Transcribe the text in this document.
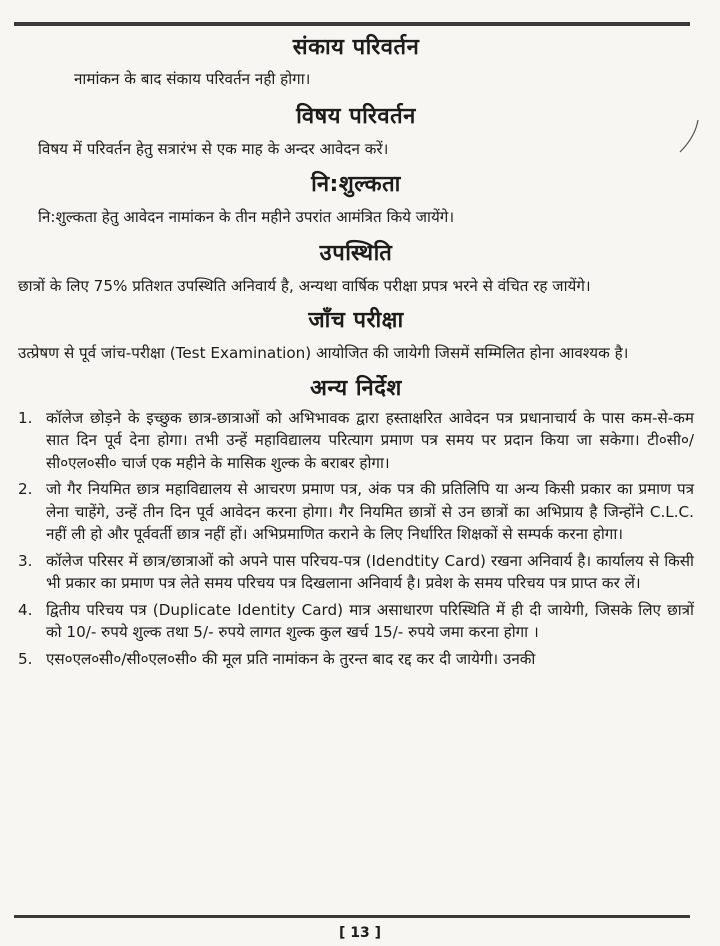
संकाय परिवर्तन

नामांकन के बाद संकाय परिवर्तन नही होगा।

विषय परिवर्तन

विषय में परिवर्तन हेतु सत्रारंभ से एक माह के अन्दर आवेदन करें।

नि:शुल्कता

नि:शुल्कता हेतु आवेदन नामांकन के तीन महीने उपरांत आमंत्रित किये जायेंगे।

उपस्थिति

छात्रों के लिए 75% प्रतिशत उपस्थिति अनिवार्य है, अन्यथा वार्षिक परीक्षा प्रपत्र भरने से वंचित रह जायेंगे।

जाँच परीक्षा

उत्प्रेषण से पूर्व जांच-परीक्षा (Test Examination) आयोजित की जायेगी जिसमें सम्मिलित होना आवश्यक है।

अन्य निर्देश
1. कॉलेज छोड़ने के इच्छुक छात्र-छात्राओं को अभिभावक द्वारा हस्ताक्षरित आवेदन पत्र प्रधानाचार्य के पास कम-से-कम सात दिन पूर्व देना होगा। तभी उन्हें महाविद्यालय परित्याग प्रमाण पत्र समय पर प्रदान किया जा सकेगा। टी०सी०/सी०एल०सी० चार्ज एक महीने के मासिक शुल्क के बराबर होगा।

2. जो गैर नियमित छात्र महाविद्यालय से आचरण प्रमाण पत्र, अंक पत्र की प्रतिलिपि या अन्य किसी प्रकार का प्रमाण पत्र लेना चाहेंगे, उन्हें तीन दिन पूर्व आवेदन करना होगा। गैर नियमित छात्रों से उन छात्रों का अभिप्राय है जिन्होंने C.L.C. नहीं ली हो और पूर्ववर्ती छात्र नहीं हों। अभिप्रमाणित कराने के लिए निर्धारित शिक्षकों से सम्पर्क करना होगा।

3. कॉलेज परिसर में छात्र/छात्राओं को अपने पास परिचय-पत्र (Idendtity Card) रखना अनिवार्य है। कार्यालय से किसी भी प्रकार का प्रमाण पत्र लेते समय परिचय पत्र दिखलाना अनिवार्य है। प्रवेश के समय परिचय पत्र प्राप्त कर लें।

4. द्वितीय परिचय पत्र (Duplicate Identity Card) मात्र असाधारण परिस्थिति में ही दी जायेगी, जिसके लिए छात्रों को 10/- रुपये शुल्क तथा 5/- रुपये लागत शुल्क कुल खर्च 15/- रुपये जमा करना होगा ।

5. एस०एल०सी०/सी०एल०सी० की मूल प्रति नामांकन के तुरन्त बाद रद्द कर दी जायेगी। उनकी

[ 13 ]
